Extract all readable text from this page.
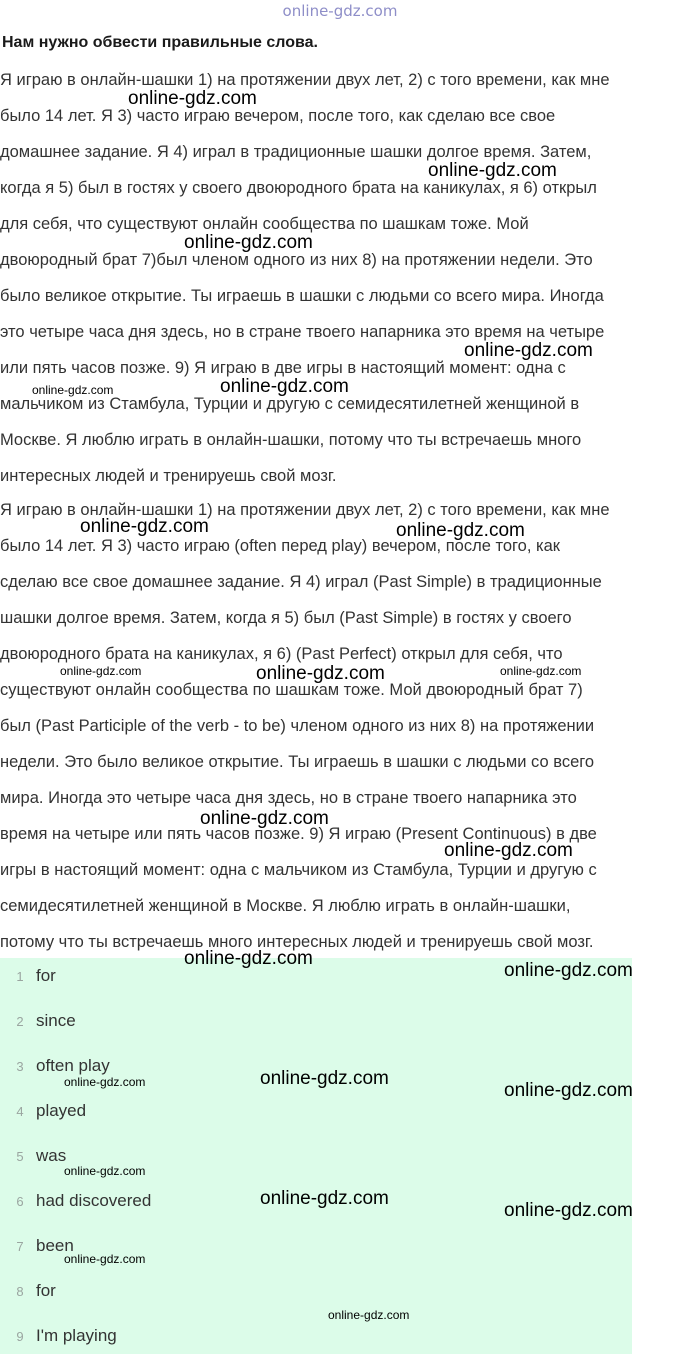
online-gdz.com
Нам нужно обвести правильные слова.

Я играю в онлайн-шашки 1) на протяжении двух лет, 2) с того времени, как мне
было 14 лет. Я 3) часто играю вечером, после того, как сделаю все свое
домашнее задание. Я 4) играл в традиционные шашки долгое время. Затем,
когда я 5) был в гостях у своего двоюродного брата на каникулах, я 6) открыл
для себя, что существуют онлайн сообщества по шашкам тоже. Мой
двоюродный брат 7)был членом одного из них 8) на протяжении недели. Это
было великое открытие. Ты играешь в шашки с людьми со всего мира. Иногда
это четыре часа дня здесь, но в стране твоего напарника это время на четыре
или пять часов позже. 9) Я играю в две игры в настоящий момент: одна с
мальчиком из Стамбула, Турции и другую с семидесятилетней женщиной в
Москве. Я люблю играть в онлайн-шашки, потому что ты встречаешь много
интересных людей и тренируешь свой мозг.

Я играю в онлайн-шашки 1) на протяжении двух лет, 2) с того времени, как мне
было 14 лет. Я 3) часто играю (often перед play) вечером, после того, как
сделаю все свое домашнее задание. Я 4) играл (Past Simple) в традиционные
шашки долгое время. Затем, когда я 5) был (Past Simple) в гостях у своего
двоюродного брата на каникулах, я 6) (Past Perfect) открыл для себя, что
существуют онлайн сообщества по шашкам тоже. Мой двоюродный брат 7)
был (Past Participle of the verb - to be) членом одного из них 8) на протяжении
недели. Это было великое открытие. Ты играешь в шашки с людьми со всего
мира. Иногда это четыре часа дня здесь, но в стране твоего напарника это
время на четыре или пять часов позже. 9) Я играю (Present Continuous) в две
игры в настоящий момент: одна с мальчиком из Стамбула, Турции и другую с
семидесятилетней женщиной в Москве. Я люблю играть в онлайн-шашки,
потому что ты встречаешь много интересных людей и тренируешь свой мозг.

1 for
2 since
3 often play
4 played
5 was
6 had discovered
7 been
8 for
9 I'm playing
online-gdz.com
online-gdz.com
online-gdz.com
online-gdz.com
online-gdz.com	online-gdz.com
online-gdz.com	online-gdz.com
online-gdz.com	online-gdz.com	online-gdz.com
online-gdz.com
online-gdz.com
online-gdz.com
online-gdz.com
online-gdz.com
online-gdz.com	online-gdz.com
online-gdz.com
online-gdz.com
online-gdz.com
online-gdz.com
online-gdz.com
